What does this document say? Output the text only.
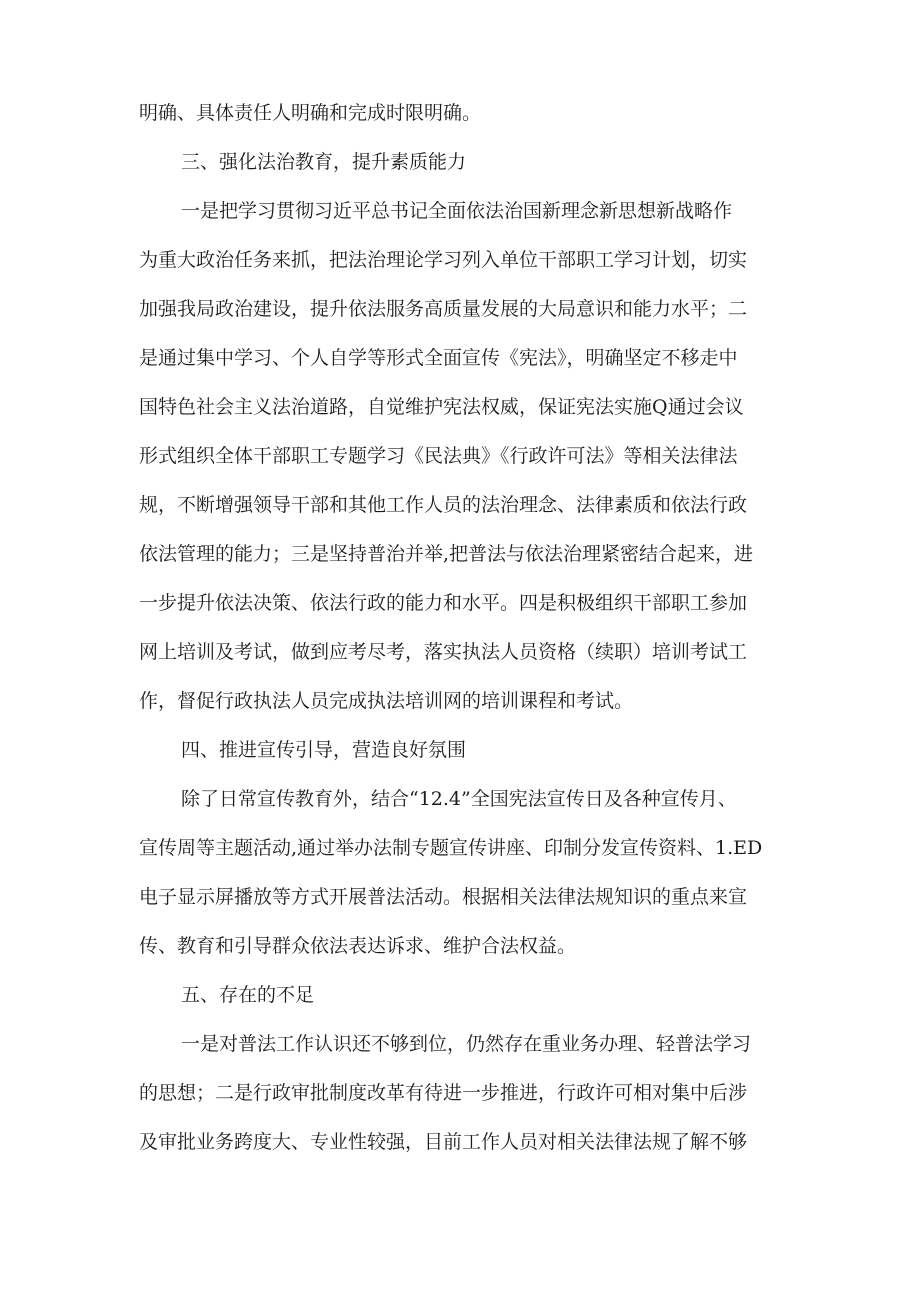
明确、具体责任人明确和完成时限明确。

三、强化法治教育，提升素质能力

一是把学习贯彻习近平总书记全面依法治国新理念新思想新战略作

为重大政治任务来抓，把法治理论学习列入单位干部职工学习计划，切实

加强我局政治建设，提升依法服务高质量发展的大局意识和能力水平；二

是通过集中学习、个人自学等形式全面宣传《宪法》，明确坚定不移走中

国特色社会主义法治道路，自觉维护宪法权威，保证宪法实施Q通过会议

形式组织全体干部职工专题学习《民法典》《行政许可法》等相关法律法

规，不断增强领导干部和其他工作人员的法治理念、法律素质和依法行政

依法管理的能力；三是坚持普治并举,把普法与依法治理紧密结合起来，进

一步提升依法决策、依法行政的能力和水平。四是积极组织干部职工参加

网上培训及考试，做到应考尽考，落实执法人员资格（续职）培训考试工

作，督促行政执法人员完成执法培训网的培训课程和考试。

四、推进宣传引导，营造良好氛围

除了日常宣传教育外，结合“12.4”全国宪法宣传日及各种宣传月、

宣传周等主题活动,通过举办法制专题宣传讲座、印制分发宣传资料、1.ED

电子显示屏播放等方式开展普法活动。根据相关法律法规知识的重点来宣

传、教育和引导群众依法表达诉求、维护合法权益。

五、存在的不足

一是对普法工作认识还不够到位，仍然存在重业务办理、轻普法学习

的思想；二是行政审批制度改革有待进一步推进，行政许可相对集中后涉

及审批业务跨度大、专业性较强，目前工作人员对相关法律法规了解不够
